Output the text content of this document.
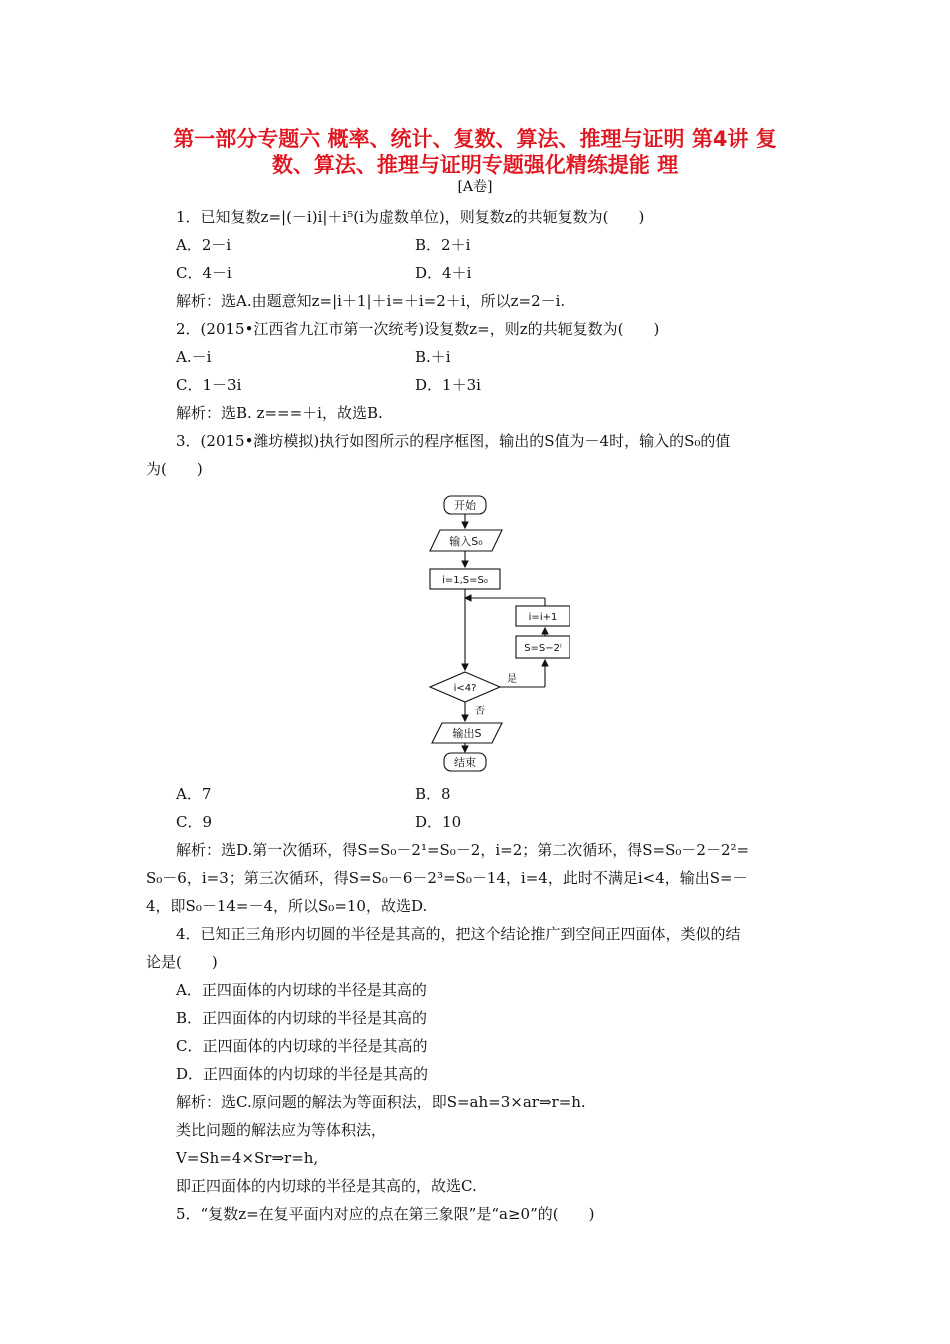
第一部分专题六 概率、统计、复数、算法、推理与证明 第4讲 复
数、算法、推理与证明专题强化精练提能 理
[A卷]
1．已知复数z=|(－i)i|＋i⁵(i为虚数单位)，则复数z的共轭复数为(　　)
A．2－i	B．2＋i
C．4－i	D．4＋i
解析：选A.由题意知z=|i＋1|＋i=＋i=2＋i，所以z=2－i.
2．(2015•江西省九江市第一次统考)设复数z=，则z的共轭复数为(　　)
A.－i	B.＋i
C．1－3i	D．1＋3i
解析：选B. z===＋i，故选B.
3．(2015•潍坊模拟)执行如图所示的程序框图，输出的S值为－4时，输入的S₀的值
为(　　)
开始
输入S₀
i=1,S=S₀
i=i+1
S=S−2ⁱ
i<4?
是
否
输出S
结束
A．7	B．8
C．9	D．10
解析：选D.第一次循环，得S=S₀－2¹=S₀－2，i=2；第二次循环，得S=S₀－2－2²=
S₀－6，i=3；第三次循环，得S=S₀－6－2³=S₀－14，i=4，此时不满足i<4，输出S=－
4，即S₀－14=－4，所以S₀=10，故选D.
4．已知正三角形内切圆的半径是其高的，把这个结论推广到空间正四面体，类似的结
论是(　　)
A．正四面体的内切球的半径是其高的
B．正四面体的内切球的半径是其高的
C．正四面体的内切球的半径是其高的
D．正四面体的内切球的半径是其高的
解析：选C.原问题的解法为等面积法，即S=ah=3×ar⇒r=h.
类比问题的解法应为等体积法，
V=Sh=4×Sr⇒r=h,
即正四面体的内切球的半径是其高的，故选C.
5．“复数z=在复平面内对应的点在第三象限”是“a≥0”的(　　)
